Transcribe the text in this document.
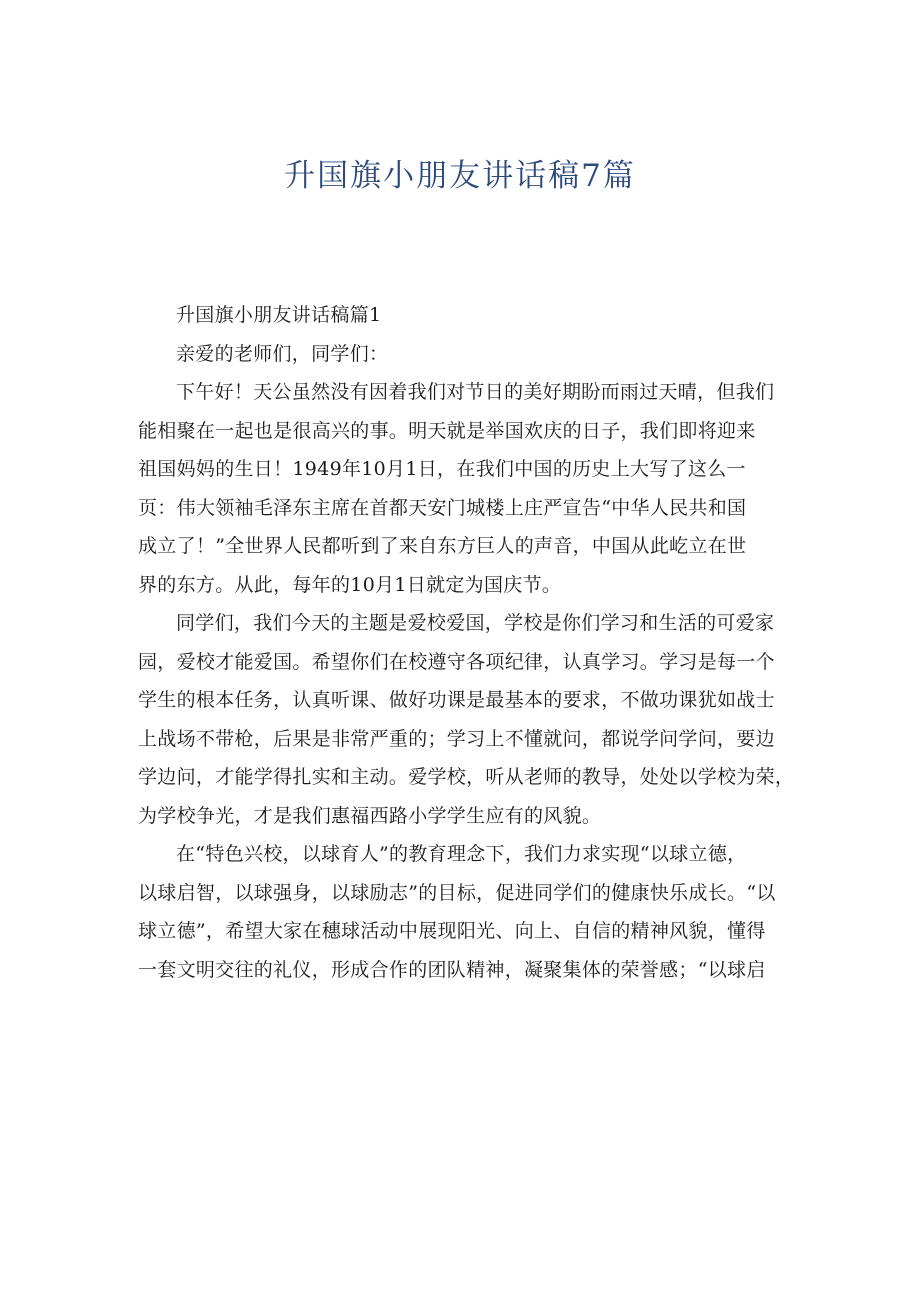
升国旗小朋友讲话稿7篇

升国旗小朋友讲话稿篇1

亲爱的老师们，同学们：

下午好！天公虽然没有因着我们对节日的美好期盼而雨过天晴，但我们
能相聚在一起也是很高兴的事。明天就是举国欢庆的日子，我们即将迎来
祖国妈妈的生日！1949年10月1日，在我们中国的历史上大写了这么一
页：伟大领袖毛泽东主席在首都天安门城楼上庄严宣告“中华人民共和国
成立了！”全世界人民都听到了来自东方巨人的声音，中国从此屹立在世
界的东方。从此，每年的10月1日就定为国庆节。

同学们，我们今天的主题是爱校爱国，学校是你们学习和生活的可爱家
园，爱校才能爱国。希望你们在校遵守各项纪律，认真学习。学习是每一个
学生的根本任务，认真听课、做好功课是最基本的要求，不做功课犹如战士
上战场不带枪，后果是非常严重的；学习上不懂就问，都说学问学问，要边
学边问，才能学得扎实和主动。爱学校，听从老师的教导，处处以学校为荣，
为学校争光，才是我们惠福西路小学学生应有的风貌。

在“特色兴校，以球育人”的教育理念下，我们力求实现“以球立德，
以球启智，以球强身，以球励志”的目标，促进同学们的健康快乐成长。“以
球立德”，希望大家在穗球活动中展现阳光、向上、自信的精神风貌，懂得
一套文明交往的礼仪，形成合作的团队精神，凝聚集体的荣誉感；“以球启
